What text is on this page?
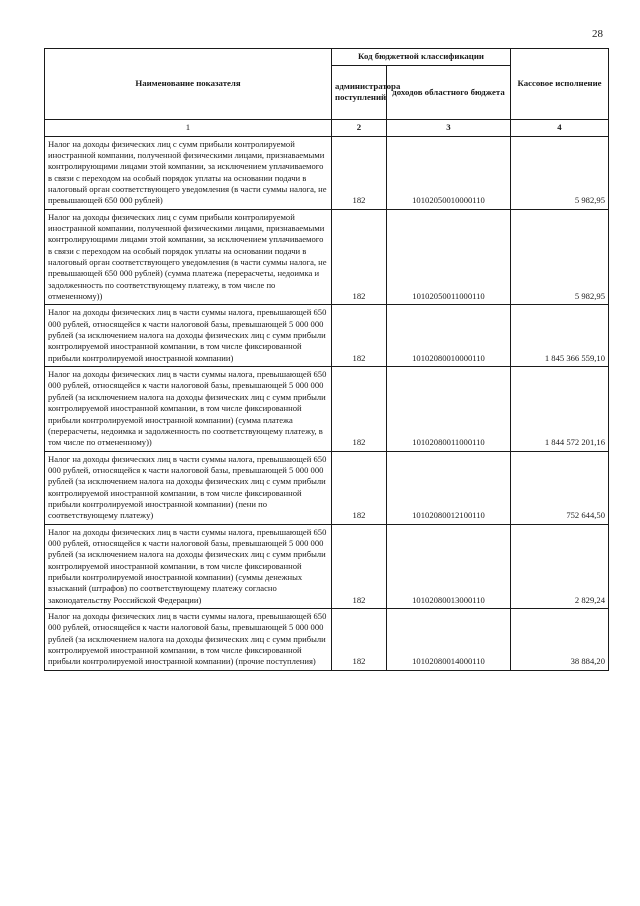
28
Наименование показателя	Код бюджетной классификации		Кассовое исполнение
	администратора поступлений	доходов областного бюджета	
1	2	3	4
Налог на доходы физических лиц с сумм прибыли контролируемой иностранной компании, полученной физическими лицами, признаваемыми контролирующими лицами этой компании, за исключением уплачиваемого в связи с переходом на особый порядок уплаты на основании подачи в налоговый орган соответствующего уведомления (в части суммы налога, не превышающей 650 000 рублей)	182	10102050010000110	5 982,95
Налог на доходы физических лиц с сумм прибыли контролируемой иностранной компании, полученной физическими лицами, признаваемыми контролирующими лицами этой компании, за исключением уплачиваемого в связи с переходом на особый порядок уплаты на основании подачи в налоговый орган соответствующего уведомления (в части суммы налога, не превышающей 650 000 рублей) (сумма платежа (перерасчеты, недоимка и задолженность по соответствующему платежу, в том числе по отмененному))	182	10102050011000110	5 982,95
Налог на доходы физических лиц в части суммы налога, превышающей 650 000 рублей, относящейся к части налоговой базы, превышающей 5 000 000 рублей (за исключением налога на доходы физических лиц с сумм прибыли контролируемой иностранной компании, в том числе фиксированной прибыли контролируемой иностранной компании)	182	10102080010000110	1 845 366 559,10
Налог на доходы физических лиц в части суммы налога, превышающей 650 000 рублей, относящейся к части налоговой базы, превышающей 5 000 000 рублей (за исключением налога на доходы физических лиц с сумм прибыли контролируемой иностранной компании, в том числе фиксированной прибыли контролируемой иностранной компании) (сумма платежа (перерасчеты, недоимка и задолженность по соответствующему платежу, в том числе по отмененному))	182	10102080011000110	1 844 572 201,16
Налог на доходы физических лиц в части суммы налога, превышающей 650 000 рублей, относящейся к части налоговой базы, превышающей 5 000 000 рублей (за исключением налога на доходы физических лиц с сумм прибыли контролируемой иностранной компании, в том числе фиксированной прибыли контролируемой иностранной компании) (пени по соответствующему платежу)	182	10102080012100110	752 644,50
Налог на доходы физических лиц в части суммы налога, превышающей 650 000 рублей, относящейся к части налоговой базы, превышающей 5 000 000 рублей (за исключением налога на доходы физических лиц с сумм прибыли контролируемой иностранной компании, в том числе фиксированной прибыли контролируемой иностранной компании) (суммы денежных взысканий (штрафов) по соответствующему платежу согласно законодательству Российской Федерации)	182	10102080013000110	2 829,24
Налог на доходы физических лиц в части суммы налога, превышающей 650 000 рублей, относящейся к части налоговой базы, превышающей 5 000 000 рублей (за исключением налога на доходы физических лиц с сумм прибыли контролируемой иностранной компании, в том числе фиксированной прибыли контролируемой иностранной компании) (прочие поступления)	182	10102080014000110	38 884,20
